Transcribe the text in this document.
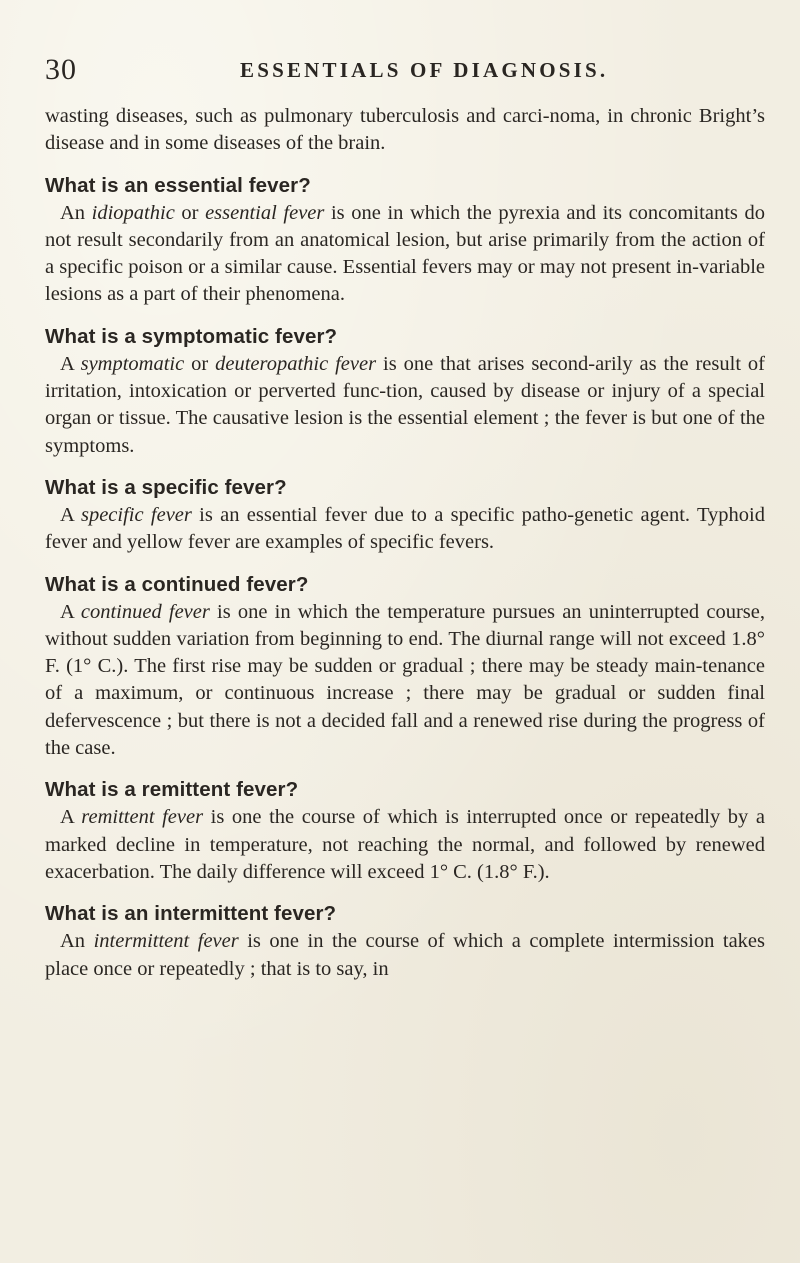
30	ESSENTIALS OF DIAGNOSIS.

wasting diseases, such as pulmonary tuberculosis and carci-noma, in chronic Bright’s disease and in some diseases of the brain.

What is an essential fever?

An idiopathic or essential fever is one in which the pyrexia and its concomitants do not result secondarily from an anatomical lesion, but arise primarily from the action of a specific poison or a similar cause. Essential fevers may or may not present in-variable lesions as a part of their phenomena.

What is a symptomatic fever?

A symptomatic or deuteropathic fever is one that arises second-arily as the result of irritation, intoxication or perverted func-tion, caused by disease or injury of a special organ or tissue. The causative lesion is the essential element ; the fever is but one of the symptoms.

What is a specific fever?

A specific fever is an essential fever due to a specific patho-genetic agent. Typhoid fever and yellow fever are examples of specific fevers.

What is a continued fever?

A continued fever is one in which the temperature pursues an uninterrupted course, without sudden variation from beginning to end. The diurnal range will not exceed 1.8° F. (1° C.). The first rise may be sudden or gradual ; there may be steady main-tenance of a maximum, or continuous increase ; there may be gradual or sudden final defervescence ; but there is not a decided fall and a renewed rise during the progress of the case.

What is a remittent fever?

A remittent fever is one the course of which is interrupted once or repeatedly by a marked decline in temperature, not reaching the normal, and followed by renewed exacerbation. The daily difference will exceed 1° C. (1.8° F.).

What is an intermittent fever?

An intermittent fever is one in the course of which a complete intermission takes place once or repeatedly ; that is to say, in
